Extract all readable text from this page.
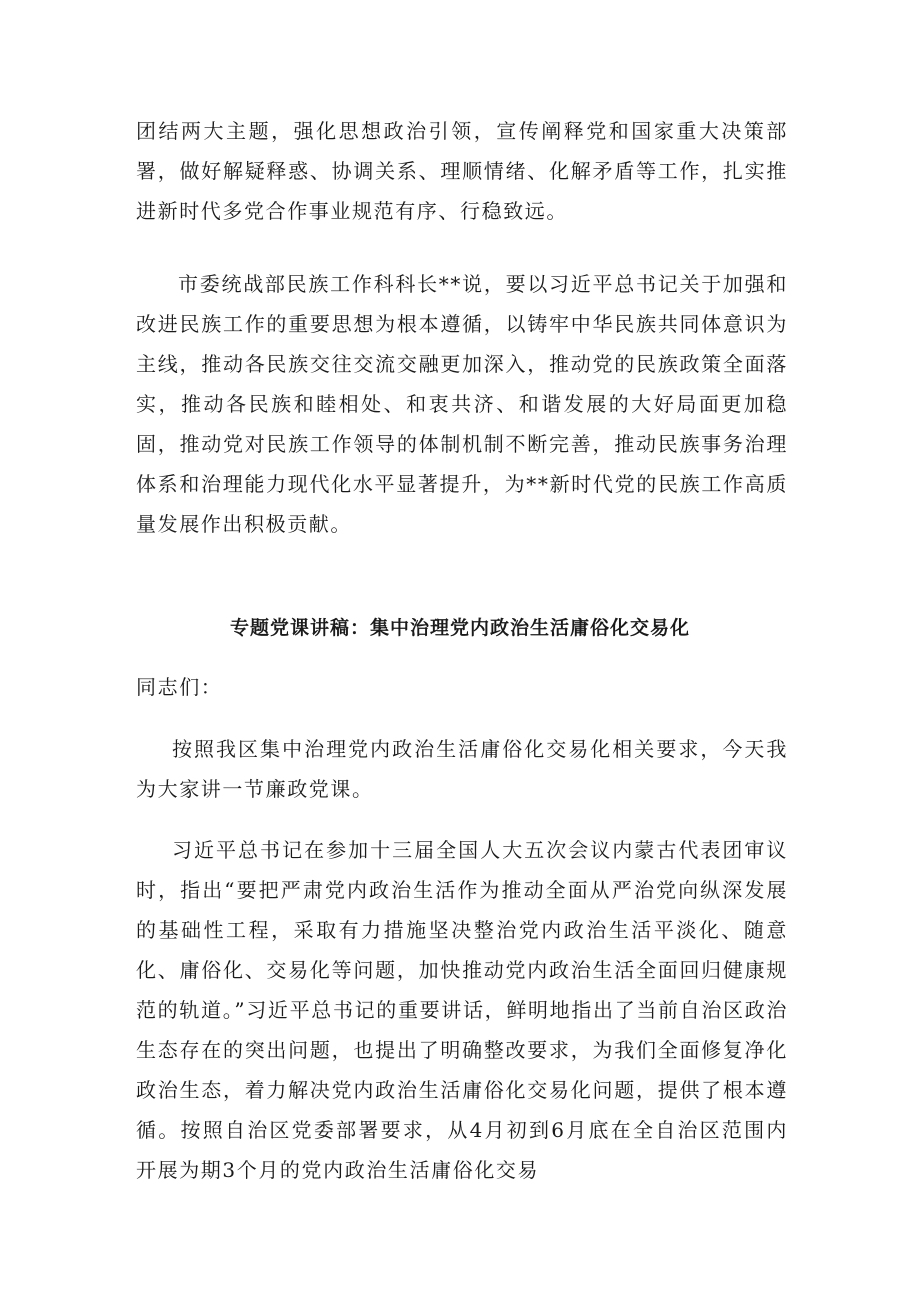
团结两大主题，强化思想政治引领，宣传阐释党和国家重大决策部署，做好解疑释惑、协调关系、理顺情绪、化解矛盾等工作，扎实推进新时代多党合作事业规范有序、行稳致远。

市委统战部民族工作科科长**说，要以习近平总书记关于加强和改进民族工作的重要思想为根本遵循，以铸牢中华民族共同体意识为主线，推动各民族交往交流交融更加深入，推动党的民族政策全面落实，推动各民族和睦相处、和衷共济、和谐发展的大好局面更加稳固，推动党对民族工作领导的体制机制不断完善，推动民族事务治理体系和治理能力现代化水平显著提升，为**新时代党的民族工作高质量发展作出积极贡献。

专题党课讲稿：集中治理党内政治生活庸俗化交易化

同志们：

按照我区集中治理党内政治生活庸俗化交易化相关要求，今天我为大家讲一节廉政党课。

习近平总书记在参加十三届全国人大五次会议内蒙古代表团审议时，指出“要把严肃党内政治生活作为推动全面从严治党向纵深发展的基础性工程，采取有力措施坚决整治党内政治生活平淡化、随意化、庸俗化、交易化等问题，加快推动党内政治生活全面回归健康规范的轨道。”习近平总书记的重要讲话，鲜明地指出了当前自治区政治生态存在的突出问题，也提出了明确整改要求，为我们全面修复净化政治生态，着力解决党内政治生活庸俗化交易化问题，提供了根本遵循。按照自治区党委部署要求，从4月初到6月底在全自治区范围内开展为期3个月的党内政治生活庸俗化交易
